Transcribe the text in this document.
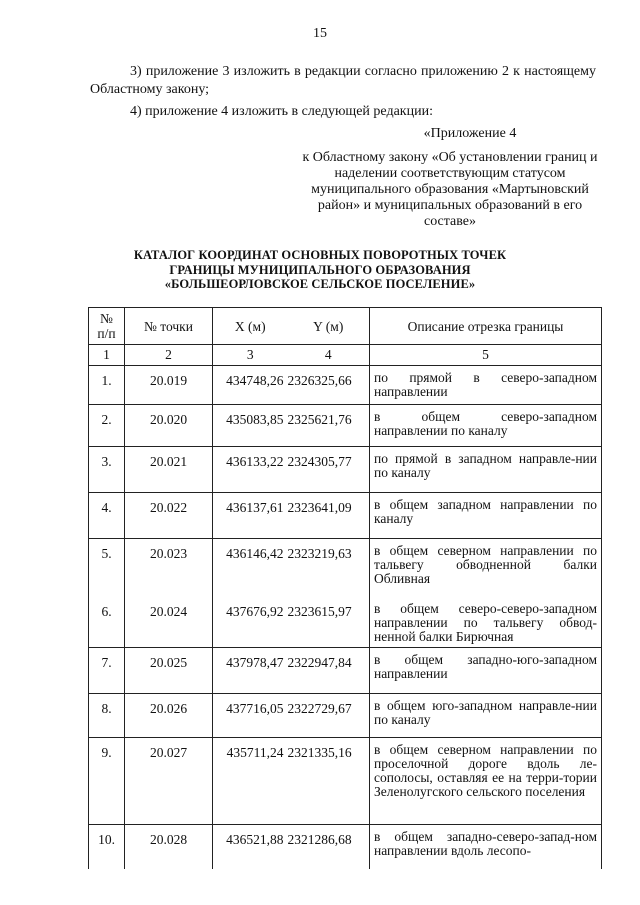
15
3) приложение 3 изложить в редакции согласно приложению 2 к настоящему Областному закону;
4) приложение 4 изложить в следующей редакции:
«Приложение 4
к Областному закону «Об установлении границ и наделении соответствующим статусом муниципального образования «Мартыновский район» и муниципальных образований в его составе»
КАТАЛОГ КООРДИНАТ ОСНОВНЫХ ПОВОРОТНЫХ ТОЧЕК
ГРАНИЦЫ МУНИЦИПАЛЬНОГО ОБРАЗОВАНИЯ
«БОЛЬШЕОРЛОВСКОЕ СЕЛЬСКОЕ ПОСЕЛЕНИЕ»
№
п/п	№ точки	X (м)	Y (м)	Описание отрезка границы
1	2	3	4	5
1.	20.019	434748,26	2326325,66	по прямой в северо-западном направлении
2.	20.020	435083,85	2325621,76	в общем северо-западном направлении по каналу
3.	20.021	436133,22	2324305,77	по прямой в западном направле-нии по каналу
4.	20.022	436137,61	2323641,09	в общем западном направлении по каналу
5.	20.023	436146,42	2323219,63	в общем северном направлении по тальвегу обводненной балки Обливная
6.	20.024	437676,92	2323615,97	в общем северо-северо-западном направлении по тальвегу обвод-ненной балки Бирючная
7.	20.025	437978,47	2322947,84	в общем западно-юго-западном направлении
8.	20.026	437716,05	2322729,67	в общем юго-западном направле-нии по каналу
9.	20.027	435711,24	2321335,16	в общем северном направлении по проселочной дороге вдоль ле-сополосы, оставляя ее на терри-тории Зеленолугского сельского поселения
10.	20.028	436521,88	2321286,68	в общем западно-северо-запад-ном направлении вдоль лесопо-
